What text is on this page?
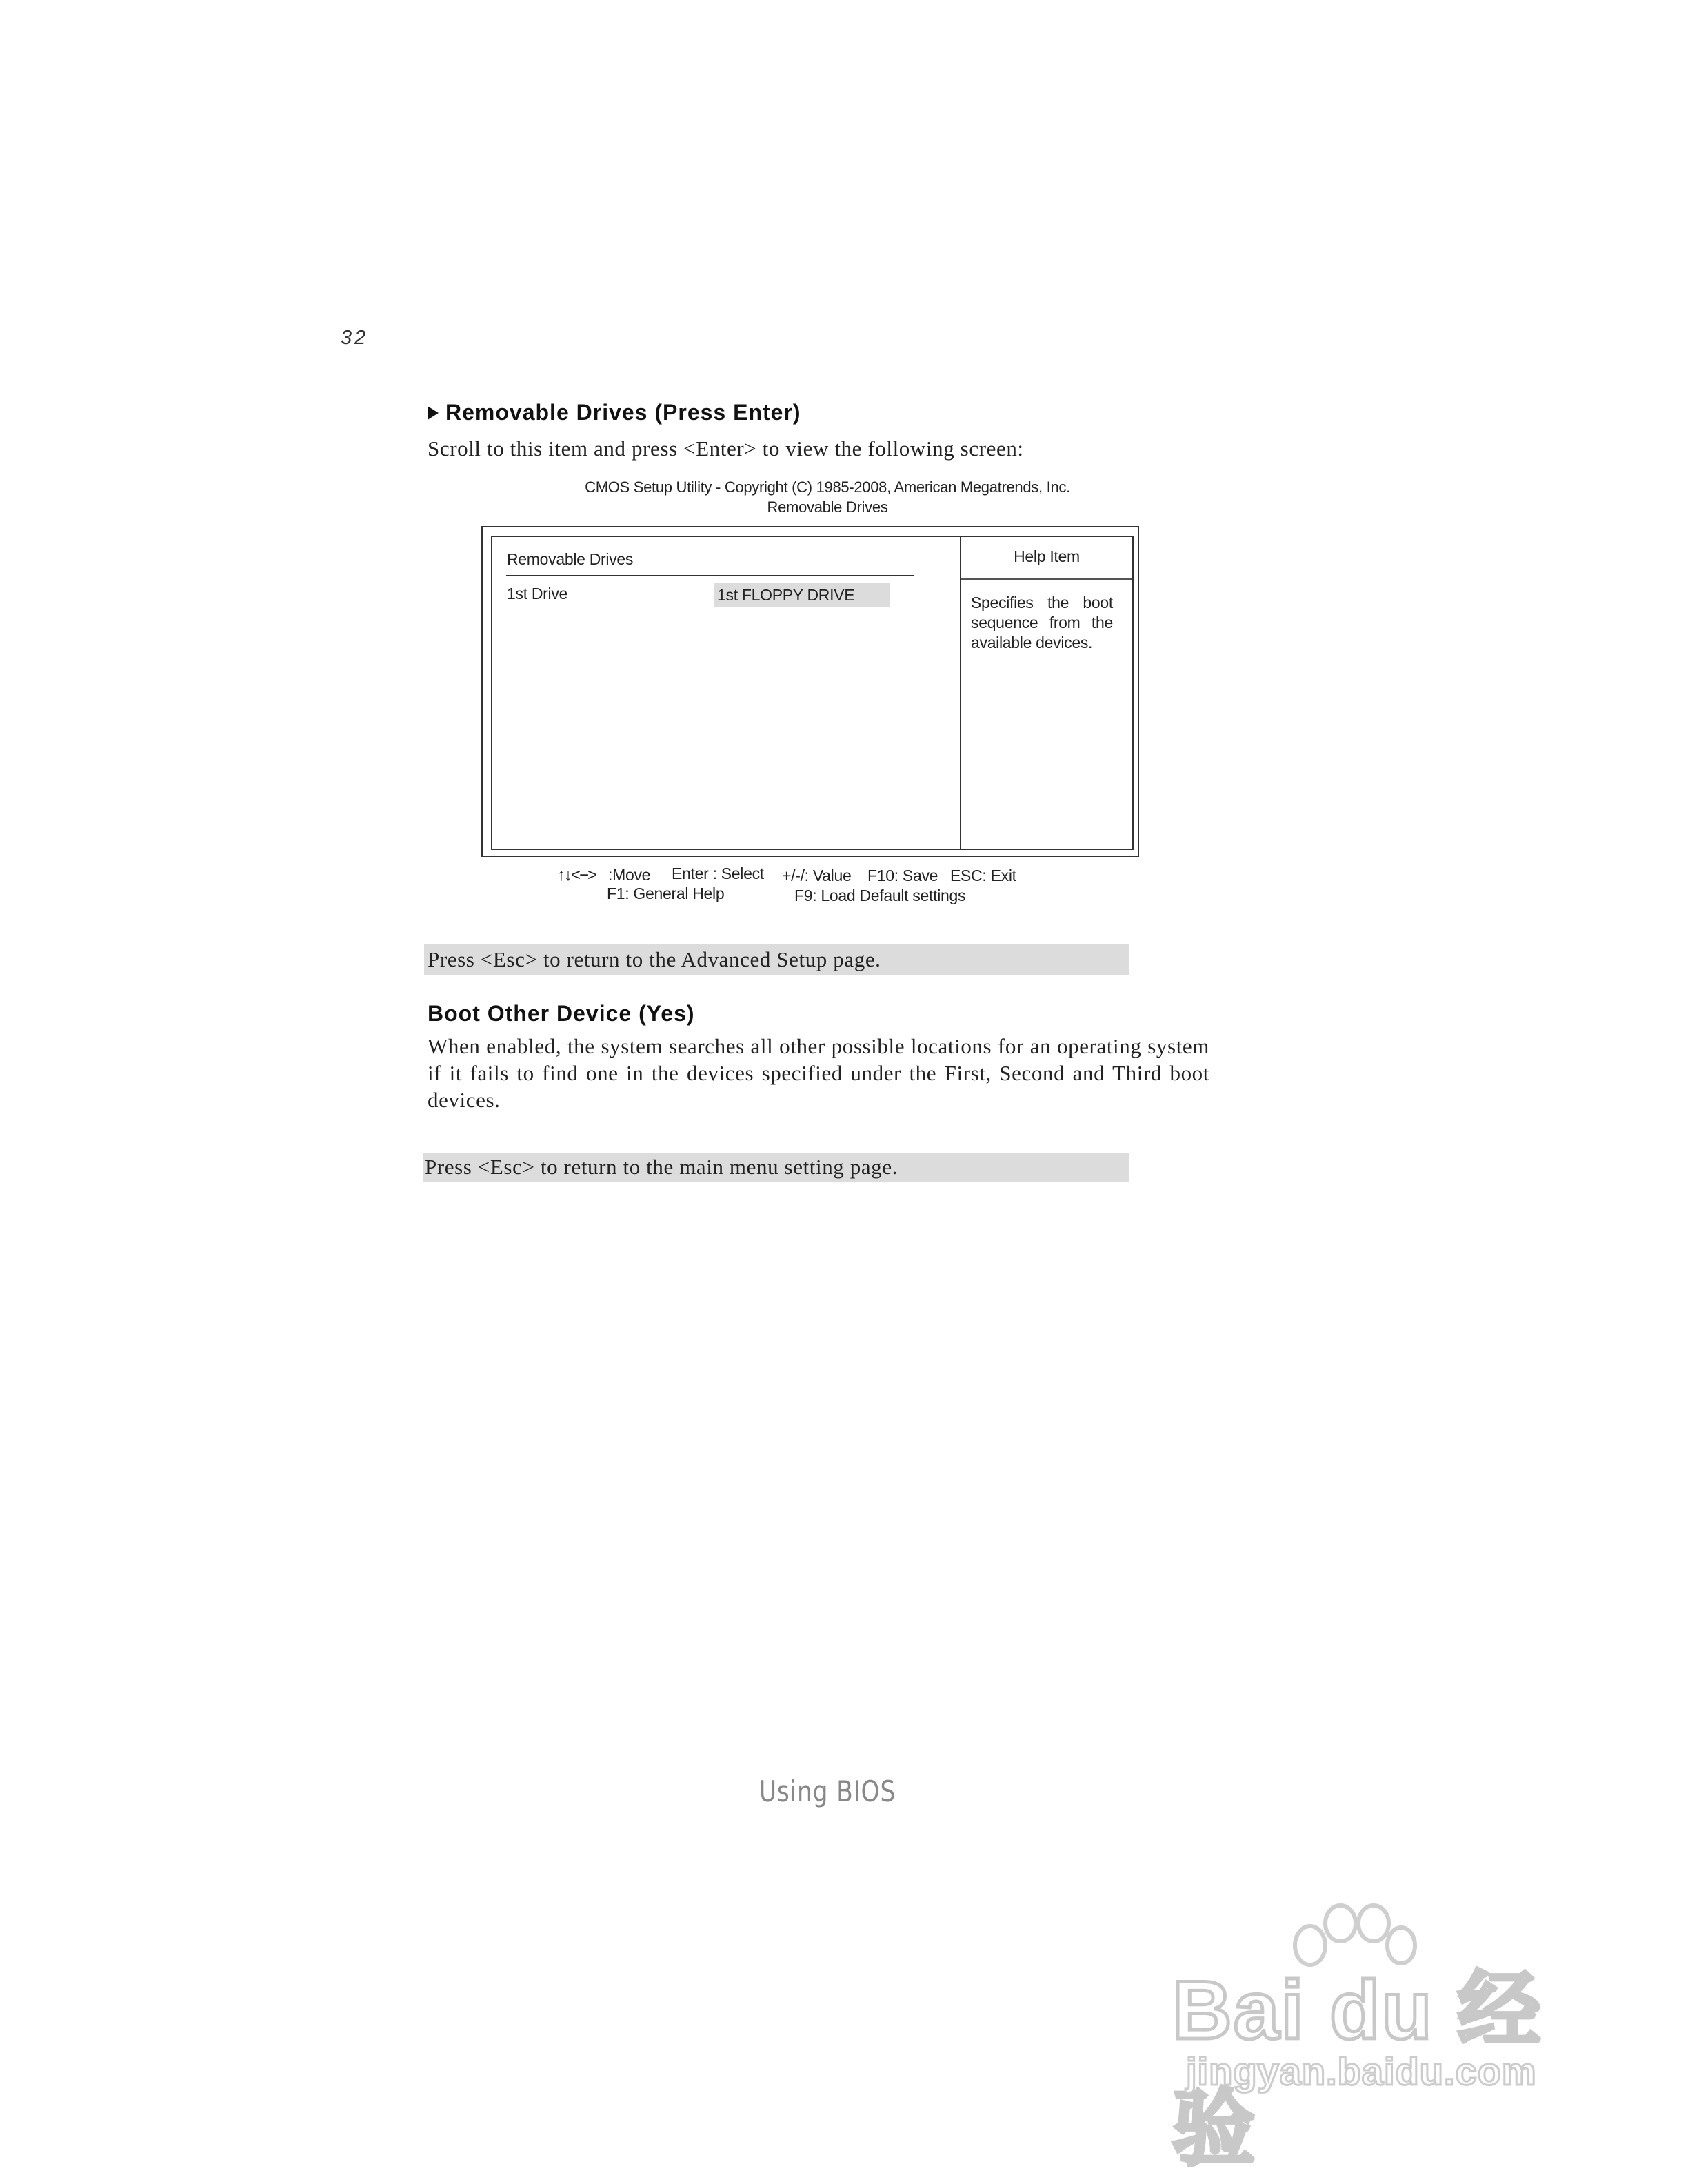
32
Removable Drives (Press Enter)
Scroll to this item and press <Enter> to view the following screen:
CMOS Setup Utility - Copyright (C) 1985-2008, American Megatrends, Inc.
Removable Drives
Removable Drives
1st Drive	1st FLOPPY DRIVE
Help Item
Specifies the boot sequence from the available devices.
↑↓<−> :Move Enter : Select +/-/: Value F10: Save ESC: Exit
F1: General Help	F9: Load Default settings
Press <Esc> to return to the Advanced Setup page.
Boot Other Device (Yes)
When enabled, the system searches all other possible locations for an operating system if it fails to find one in the devices specified under the First, Second and Third boot devices.
Press <Esc> to return to the main menu setting page.
Using BIOS
Bai du 经验
jingyan.baidu.com
